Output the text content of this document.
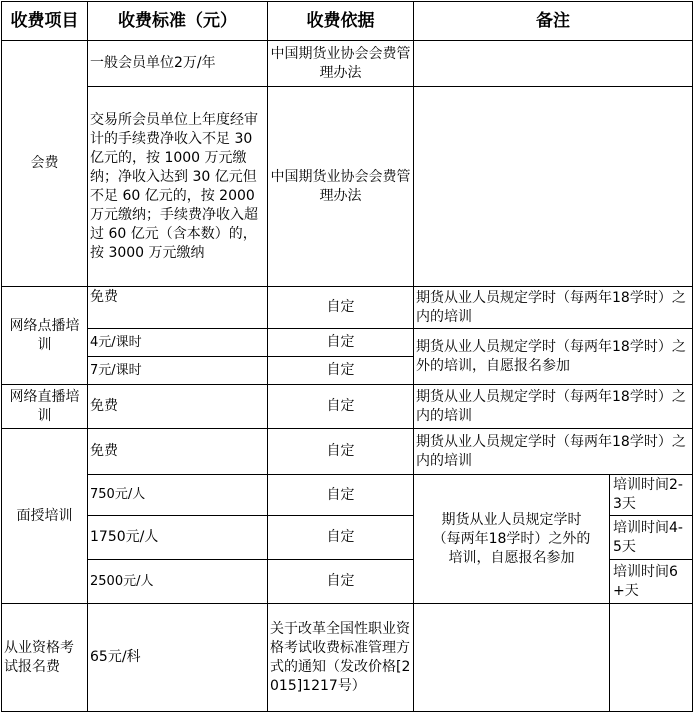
收费项目	收费标准（元）	收费依据	备注	
会费	一般会员单位2万/年	中国期货业协会会费管理办法		
	交易所会员单位上年度经审计的手续费净收入不足 30 亿元的，按 1000 万元缴纳；净收入达到 30 亿元但不足 60 亿元的，按 2000 万元缴纳；手续费净收入超过 60 亿元（含本数）的，按 3000 万元缴纳	中国期货业协会会费管理办法		
网络点播培训	免费	自定	期货从业人员规定学时（每两年18学时）之内的培训	
	4元/课时	自定	期货从业人员规定学时（每两年18学时）之外的培训，自愿报名参加	
	7元/课时	自定		
网络直播培训	免费	自定	期货从业人员规定学时（每两年18学时）之内的培训	
面授培训	免费	自定	期货从业人员规定学时（每两年18学时）之内的培训	
	750元/人	自定	期货从业人员规定学时（每两年18学时）之外的培训，自愿报名参加	培训时间2-3天
	1750元/人	自定		培训时间4-5天
	2500元/人	自定		培训时间6+天
从业资格考试报名费	65元/科	关于改革全国性职业资格考试收费标准管理方式的通知（发改价格[2015]1217号）		
